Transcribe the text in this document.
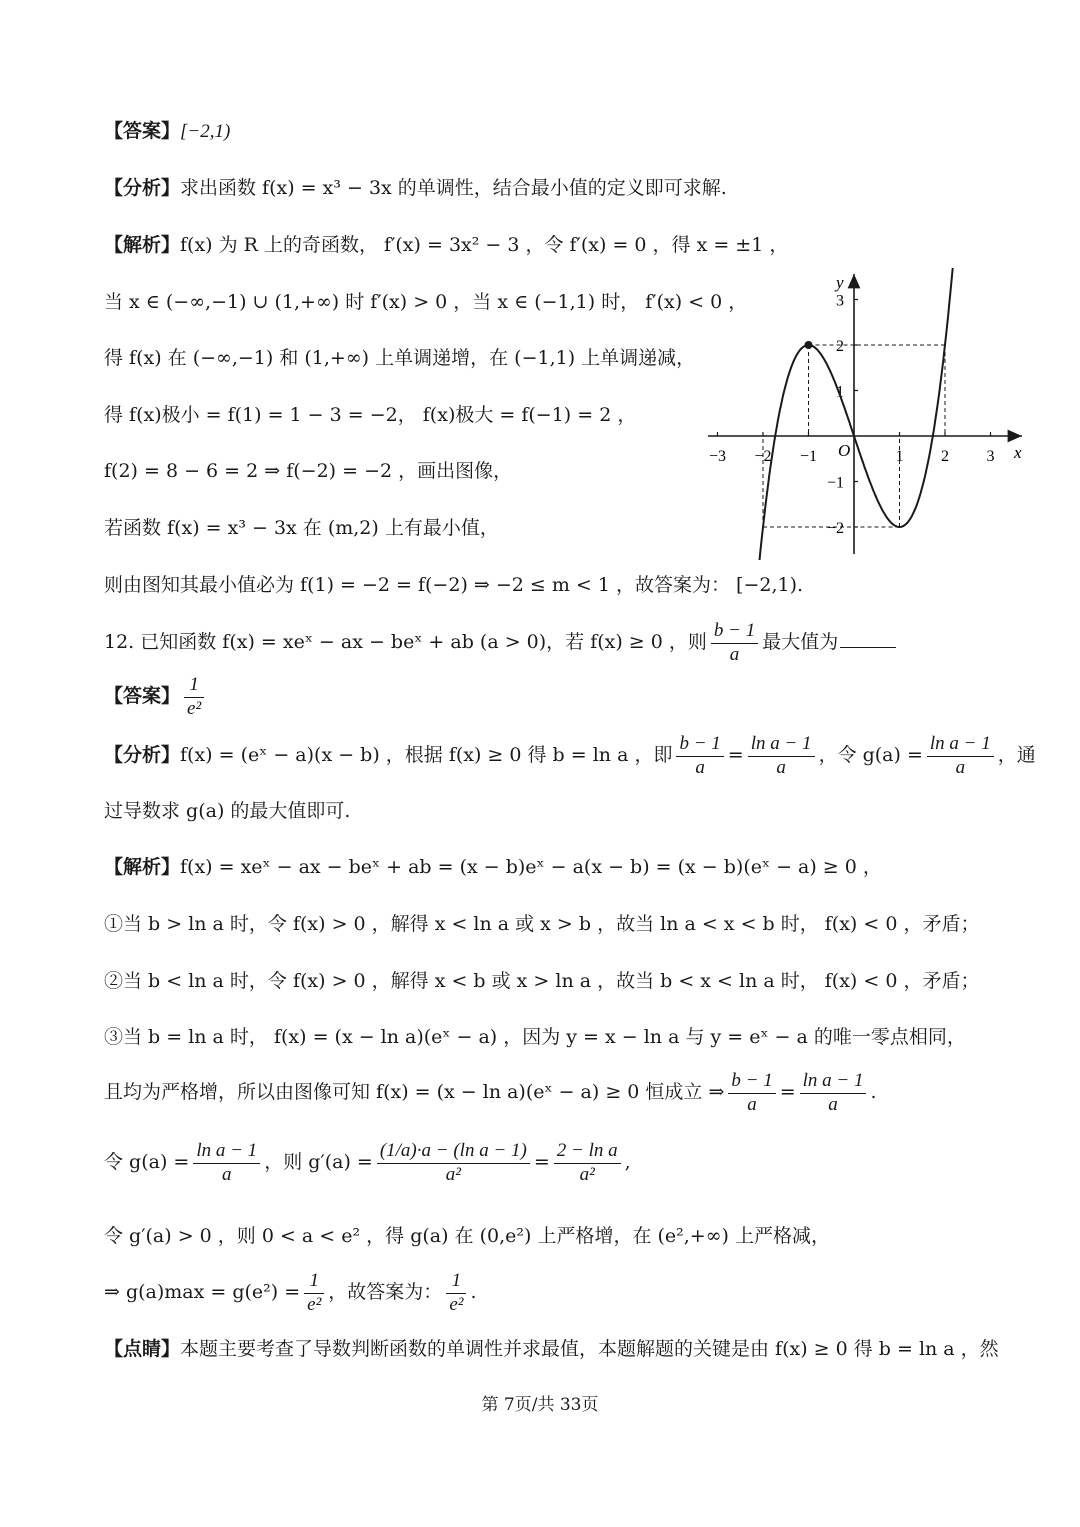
【答案】[−2,1)
【分析】求出函数 f(x) = x³ − 3x 的单调性，结合最小值的定义即可求解.
【解析】f(x) 为 R 上的奇函数， f′(x) = 3x² − 3 ，令 f′(x) = 0 ，得 x = ±1 ，
当 x ∈ (−∞,−1) ∪ (1,+∞) 时 f′(x) > 0 ，当 x ∈ (−1,1) 时， f′(x) < 0 ，
得 f(x) 在 (−∞,−1) 和 (1,+∞) 上单调递增，在 (−1,1) 上单调递减，
得 f(x)极小 = f(1) = 1 − 3 = −2， f(x)极大 = f(−1) = 2 ，
f(2) = 8 − 6 = 2 ⇒ f(−2) = −2 ，画出图像，
若函数 f(x) = x³ − 3x 在 (m,2) 上有最小值，
则由图知其最小值必为 f(1) = −2 = f(−2) ⇒ −2 ≤ m < 1 ，故答案为： [−2,1).
−3 −2 −1	1 2 3
3
2
1
−1
−2
x
y
O
12. 已知函数 f(x) = xeˣ − ax − beˣ + ab (a > 0)，若 f(x) ≥ 0 ，则 $\frac{b - 1}{a}$ 最大值为
【答案】 $\frac{1}{\text{e²}}$
【分析】f(x) = (eˣ − a)(x − b) ，根据 f(x) ≥ 0 得 b = ln a ，即 $\frac{b - 1}{a} = \frac{\text{ln a − 1}}{a}$ ，令 $g(a) = \frac{\text{ln a − 1}}{a}$ ，通
过导数求 g(a) 的最大值即可.
【解析】f(x) = xeˣ − ax − beˣ + ab = (x − b)eˣ − a(x − b) = (x − b)(eˣ − a) ≥ 0 ，
①当 b > ln a 时，令 f(x) > 0 ，解得 x < ln a 或 x > b ，故当 ln a < x < b 时， f(x) < 0 ，矛盾；
②当 b < ln a 时，令 f(x) > 0 ，解得 x < b 或 x > ln a ，故当 b < x < ln a 时， f(x) < 0 ，矛盾；
③当 b = ln a 时， f(x) = (x − ln a)(eˣ − a) ，因为 y = x − ln a 与 y = eˣ − a 的唯一零点相同，
且均为严格增，所以由图像可知 f(x) = (x − ln a)(eˣ − a) ≥ 0 恒成立 ⇒ $\frac{b - 1}{a} = \frac{\text{ln a − 1}}{a}$ .
令 $g(a) = \frac{\text{ln a − 1}}{a}$ ，则 $g'(a) = \frac{\text{(1/a)·a − (ln a − 1)}}{\text{a²}} = \frac{\text{2 − ln a}}{\text{a²}}$ ,
令 g′(a) > 0 ，则 0 < a < e² ，得 g(a) 在 (0,e²) 上严格增，在 (e²,+∞) 上严格减，
⇒ $g(a)\max = g(e^2) = \frac{1}{\text{e²}}$ ，故答案为： $\frac{1}{\text{e²}}$ .
【点睛】本题主要考查了导数判断函数的单调性并求最值，本题解题的关键是由 f(x) ≥ 0 得 b = ln a ，然
第 7页/共 33页
